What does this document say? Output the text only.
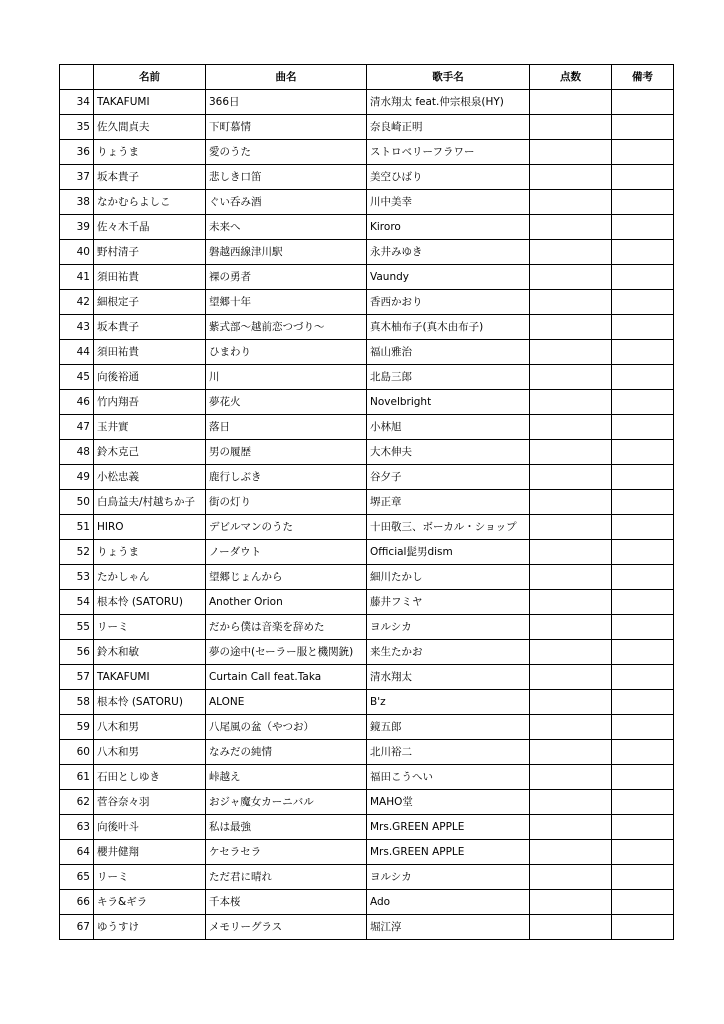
	名前	曲名	歌手名	点数	備考
34	TAKAFUMI	366日	清水翔太 feat.仲宗根泉(HY)		
35	佐久間貞夫	下町慕情	奈良崎正明		
36	りょうま	愛のうた	ストロベリーフラワー		
37	坂本貴子	悲しき口笛	美空ひばり		
38	なかむらよしこ	ぐい呑み酒	川中美幸		
39	佐々木千晶	未来へ	Kiroro		
40	野村清子	磐越西線津川駅	永井みゆき		
41	須田祐貴	裸の勇者	Vaundy		
42	細根定子	望郷十年	香西かおり		
43	坂本貴子	紫式部～越前恋つづり～	真木柚布子(真木由布子)		
44	須田祐貴	ひまわり	福山雅治		
45	向後裕通	川	北島三郎		
46	竹内翔吾	夢花火	Novelbright		
47	玉井實	落日	小林旭		
48	鈴木克己	男の履歴	大木伸夫		
49	小松忠義	鹿行しぶき	谷夕子		
50	白鳥益夫/村越ちか子	街の灯り	堺正章		
51	HIRO	デビルマンのうた	十田敬三、ボーカル・ショップ		
52	りょうま	ノーダウト	Official髭男dism		
53	たかしゃん	望郷じょんから	細川たかし		
54	根本怜 (SATORU)	Another Orion	藤井フミヤ		
55	リーミ	だから僕は音楽を辞めた	ヨルシカ		
56	鈴木和敏	夢の途中(セーラー服と機関銃)	来生たかお		
57	TAKAFUMI	Curtain Call feat.Taka	清水翔太		
58	根本怜 (SATORU)	ALONE	B'z		
59	八木和男	八尾風の盆（やつお）	鏡五郎		
60	八木和男	なみだの純情	北川裕二		
61	石田としゆき	峠越え	福田こうへい		
62	菅谷奈々羽	おジャ魔女カーニバル	MAHO堂		
63	向後叶斗	私は最強	Mrs.GREEN APPLE		
64	櫻井健翔	ケセラセラ	Mrs.GREEN APPLE		
65	リーミ	ただ君に晴れ	ヨルシカ		
66	キラ&ギラ	千本桜	Ado		
67	ゆうすけ	メモリーグラス	堀江淳		
